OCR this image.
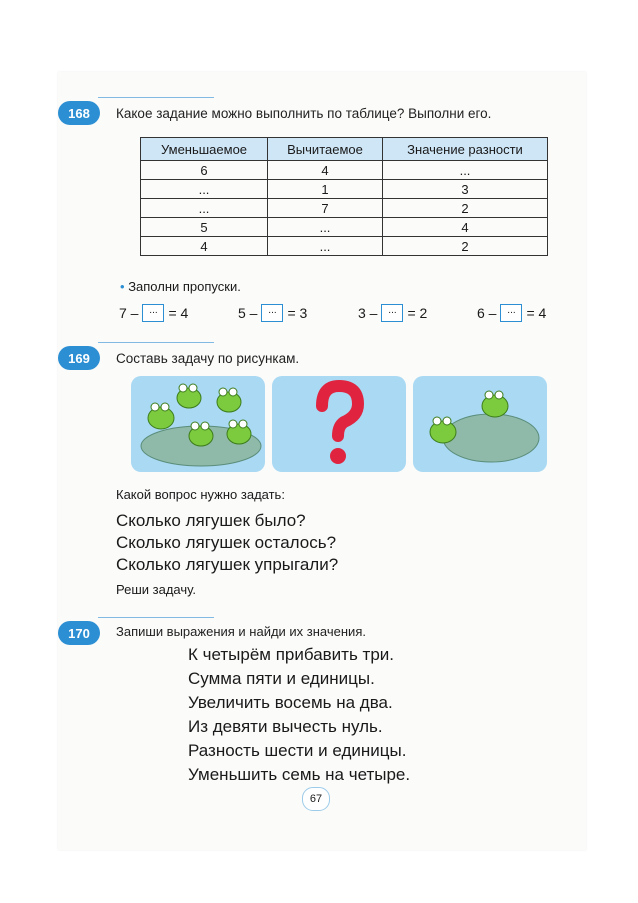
168	Какое задание можно выполнить по таблице? Выполни его.
Уменьшаемое	Вычитаемое	Значение разности
6	4	...
...	1	3
...	7	2
5	...	4
4	...	2
• Заполни пропуски.
7 –	... = 4	5 –	... = 3	3 –	... = 2	6 –	... = 4
169	Составь задачу по рисункам.
Какой вопрос нужно задать:
Сколько лягушек было?
Сколько лягушек осталось?
Сколько лягушек упрыгали?
Реши задачу.
170	Запиши выражения и найди их значения.
К четырём прибавить три.
Сумма пяти и единицы.
Увеличить восемь на два.
Из девяти вычесть нуль.
Разность шести и единицы.
Уменьшить семь на четыре.
67
